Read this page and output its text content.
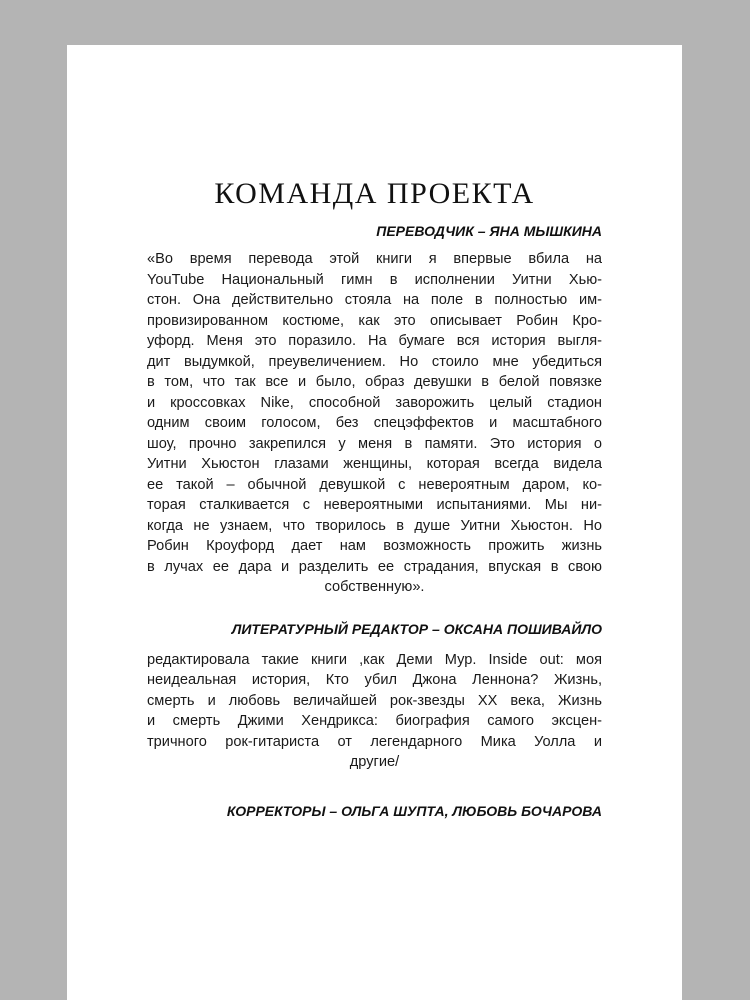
КОМАНДА ПРОЕКТА

ПЕРЕВОДЧИК – ЯНА МЫШКИНА

«Во время перевода этой книги я впервые вбила на
YouTube Национальный гимн в исполнении Уитни Хью-
стон. Она действительно стояла на поле в полностью им-
провизированном костюме, как это описывает Робин Кро-
уфорд. Меня это поразило. На бумаге вся история выгля-
дит выдумкой, преувеличением. Но стоило мне убедиться
в том, что так все и было, образ девушки в белой повязке
и кроссовках Nike, способной заворожить целый стадион
одним своим голосом, без спецэффектов и масштабного
шоу, прочно закрепился у меня в памяти. Это история о
Уитни Хьюстон глазами женщины, которая всегда видела
ее такой – обычной девушкой с невероятным даром, ко-
торая сталкивается с невероятными испытаниями. Мы ни-
когда не узнаем, что творилось в душе Уитни Хьюстон. Но
Робин Кроуфорд дает нам возможность прожить жизнь
в лучах ее дара и разделить ее страдания, впуская в свою
собственную».

ЛИТЕРАТУРНЫЙ РЕДАКТОР – ОКСАНА ПОШИВАЙЛО

редактировала такие книги ,как Деми Мур. Inside out: моя
неидеальная история, Кто убил Джона Леннона? Жизнь,
смерть и любовь величайшей рок-звезды XX века, Жизнь
и смерть Джими Хендрикса: биография самого эксцен-
тричного рок-гитариста от легендарного Мика Уолла и
другие/

КОРРЕКТОРЫ – ОЛЬГА ШУПТА, ЛЮБОВЬ БОЧАРОВА
